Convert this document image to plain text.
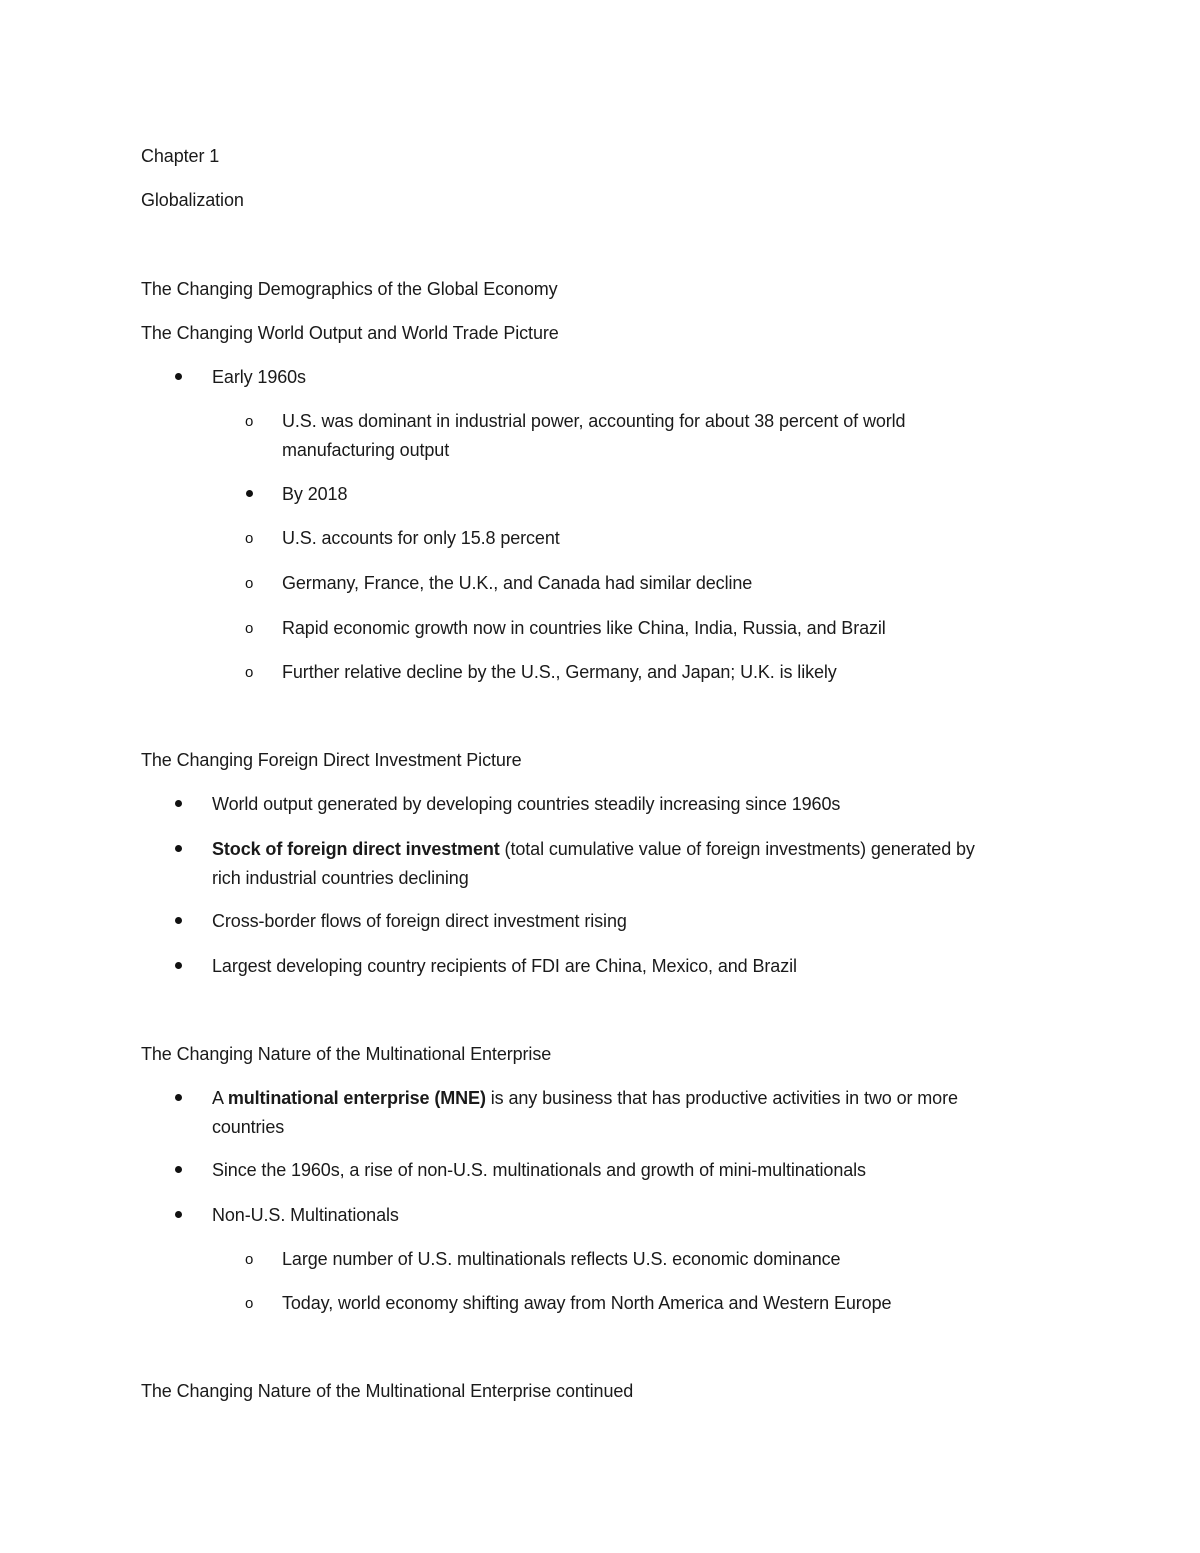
Chapter 1
Globalization
The Changing Demographics of the Global Economy
The Changing World Output and World Trade Picture
Early 1960s
o U.S. was dominant in industrial power, accounting for about 38 percent of world
manufacturing output
By 2018
o U.S. accounts for only 15.8 percent
o Germany, France, the U.K., and Canada had similar decline
o Rapid economic growth now in countries like China, India, Russia, and Brazil
o Further relative decline by the U.S., Germany, and Japan; U.K. is likely
The Changing Foreign Direct Investment Picture
World output generated by developing countries steadily increasing since 1960s
Stock of foreign direct investment (total cumulative value of foreign investments) generated by
rich industrial countries declining
Cross-border flows of foreign direct investment rising
Largest developing country recipients of FDI are China, Mexico, and Brazil
The Changing Nature of the Multinational Enterprise
A multinational enterprise (MNE) is any business that has productive activities in two or more
countries
Since the 1960s, a rise of non-U.S. multinationals and growth of mini-multinationals
Non-U.S. Multinationals
o Large number of U.S. multinationals reflects U.S. economic dominance
o Today, world economy shifting away from North America and Western Europe
The Changing Nature of the Multinational Enterprise continued
